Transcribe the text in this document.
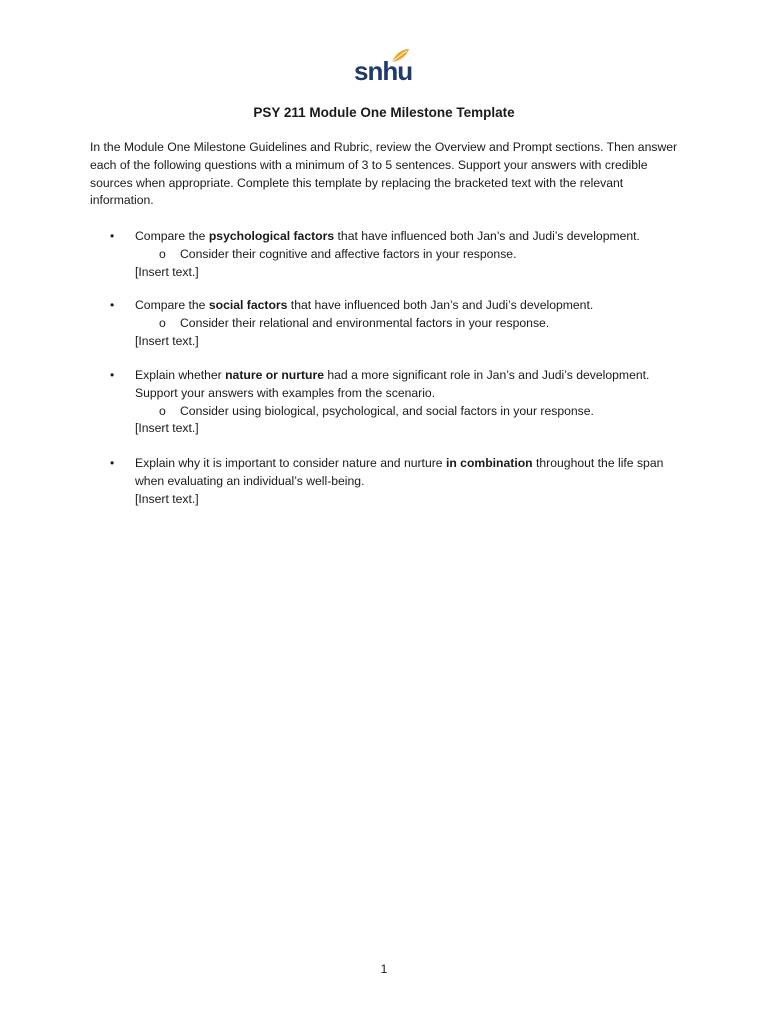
snhu
PSY 211 Module One Milestone Template
In the Module One Milestone Guidelines and Rubric, review the Overview and Prompt sections. Then answer each of the following questions with a minimum of 3 to 5 sentences. Support your answers with credible sources when appropriate. Complete this template by replacing the bracketed text with the relevant information.
• Compare the psychological factors that have influenced both Jan’s and Judi’s development.
o Consider their cognitive and affective factors in your response.
[Insert text.]
• Compare the social factors that have influenced both Jan’s and Judi’s development.
o Consider their relational and environmental factors in your response.
[Insert text.]
• Explain whether nature or nurture had a more significant role in Jan’s and Judi’s development. Support your answers with examples from the scenario.
o Consider using biological, psychological, and social factors in your response.
[Insert text.]
• Explain why it is important to consider nature and nurture in combination throughout the life span when evaluating an individual’s well-being.
[Insert text.]
1
